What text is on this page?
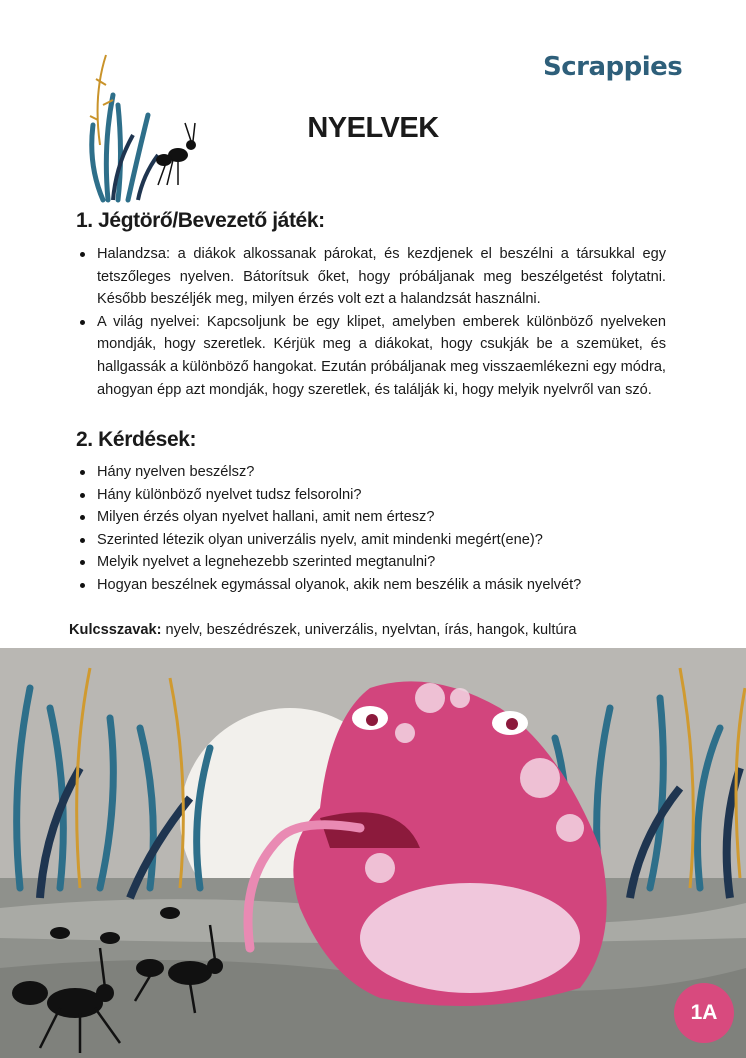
Scrappies
NYELVEK
1. Jégtörő/Bevezető játék:
Halandzsa: a diákok alkossanak párokat, és kezdjenek el beszélni a társukkal egy tetszőleges nyelven. Bátorítsuk őket, hogy próbáljanak meg beszélgetést folytatni. Később beszéljék meg, milyen érzés volt ezt a halandzsát használni.
A világ nyelvei: Kapcsoljunk be egy klipet, amelyben emberek különböző nyelveken mondják, hogy szeretlek. Kérjük meg a diákokat, hogy csukják be a szemüket, és hallgassák a különböző hangokat. Ezután próbáljanak meg visszaemlékezni egy módra, ahogyan épp azt mondják, hogy szeretlek, és találják ki, hogy melyik nyelvről van szó.
2. Kérdések:
Hány nyelven beszélsz?
Hány különböző nyelvet tudsz felsorolni?
Milyen érzés olyan nyelvet hallani, amit nem értesz?
Szerinted létezik olyan univerzális nyelv, amit mindenki megért(ene)?
Melyik nyelvet a legnehezebb szerinted megtanulni?
Hogyan beszélnek egymással olyanok, akik nem beszélik a másik nyelvét?
Kulcsszavak: nyelv, beszédrészek, univerzális, nyelvtan, írás, hangok, kultúra
1A
